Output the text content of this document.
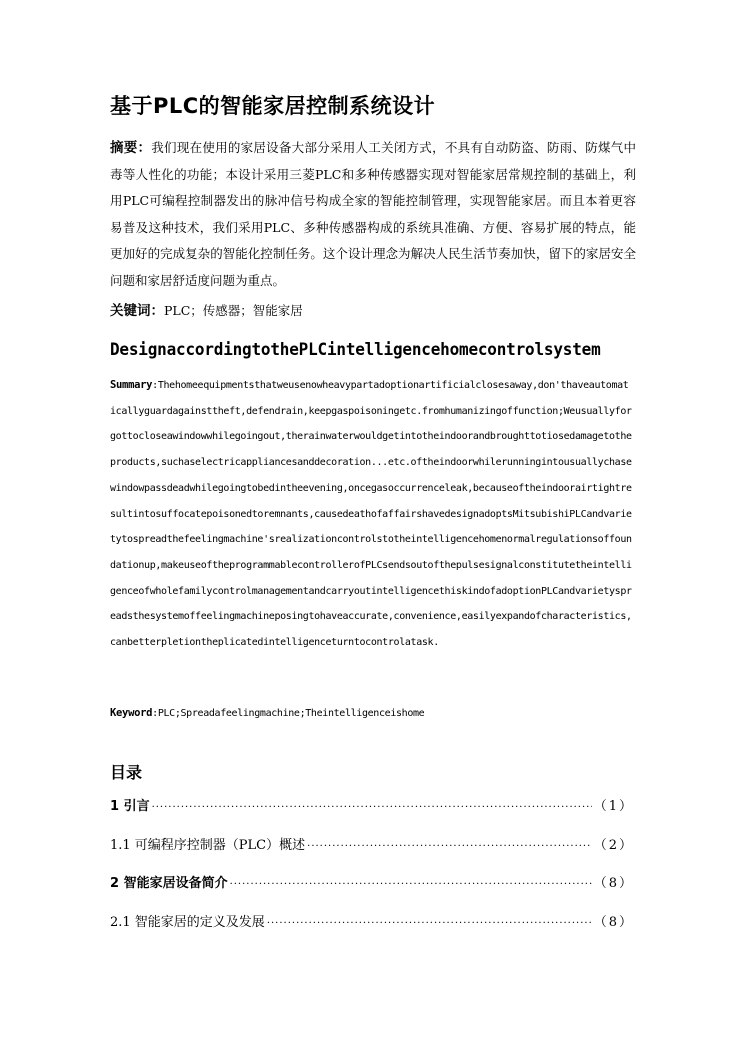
基于PLC的智能家居控制系统设计
摘要：我们现在使用的家居设备大部分采用人工关闭方式，不具有自动防盗、防雨、防煤气中毒等人性化的功能；本设计采用三菱PLC和多种传感器实现对智能家居常规控制的基础上，利用PLC可编程控制器发出的脉冲信号构成全家的智能控制管理，实现智能家居。而且本着更容易普及这种技术，我们采用PLC、多种传感器构成的系统具准确、方便、容易扩展的特点，能更加好的完成复杂的智能化控制任务。这个设计理念为解决人民生活节奏加快，留下的家居安全问题和家居舒适度问题为重点。
关键词：PLC；传感器；智能家居
DesignaccordingtothePLCintelligencehomecontrolsystem
Summary:Thehomeequipmentsthatweusenowheavypartadoptionartificialclosesaway,don'thaveautomaticallyguardagainsttheft,defendrain,keepgaspoisoningetc.fromhumanizingoffunction;Weusuallyforgottocloseawindowwhilegoingout,therainwaterwouldgetintotheindoorandbroughttotiosedamagetotheproducts,suchaselectricappliancesanddecoration...etc.oftheindoorwhilerunningintousuallychasewindowpassdeadwhilegoingtobedintheevening,oncegasoccurrenceleak,becauseoftheindoorairtightresultintosuffocatepoisonedtoremnants,causedeathofaffairshavedesignadoptsMitsubishiPLCandvarietytospreadthefeelingmachine'srealizationcontrolstotheintelligencehomenormalregulationsoffoundationup,makeuseoftheprogrammablecontrollerofPLCsendsoutofthepulsesignalconstitutetheintelligenceofwholefamilycontrolmanagementandcarryoutintelligencethiskindofadoptionPLCandvarietyspreadsthesystemoffeelingmachineposingtohaveaccurate,convenience,easilyexpandofcharacteristics,canbetterpletiontheplicatedintelligenceturntocontrolatask.
Keyword:PLC;Spreadafeelingmachine;Theintelligenceishome
目录
1 引言 ·····	（1）
1.1 可编程序控制器（PLC）概述 ·····	（2）
2 智能家居设备简介 ·····	（8）
2.1 智能家居的定义及发展 ·····	（8）
